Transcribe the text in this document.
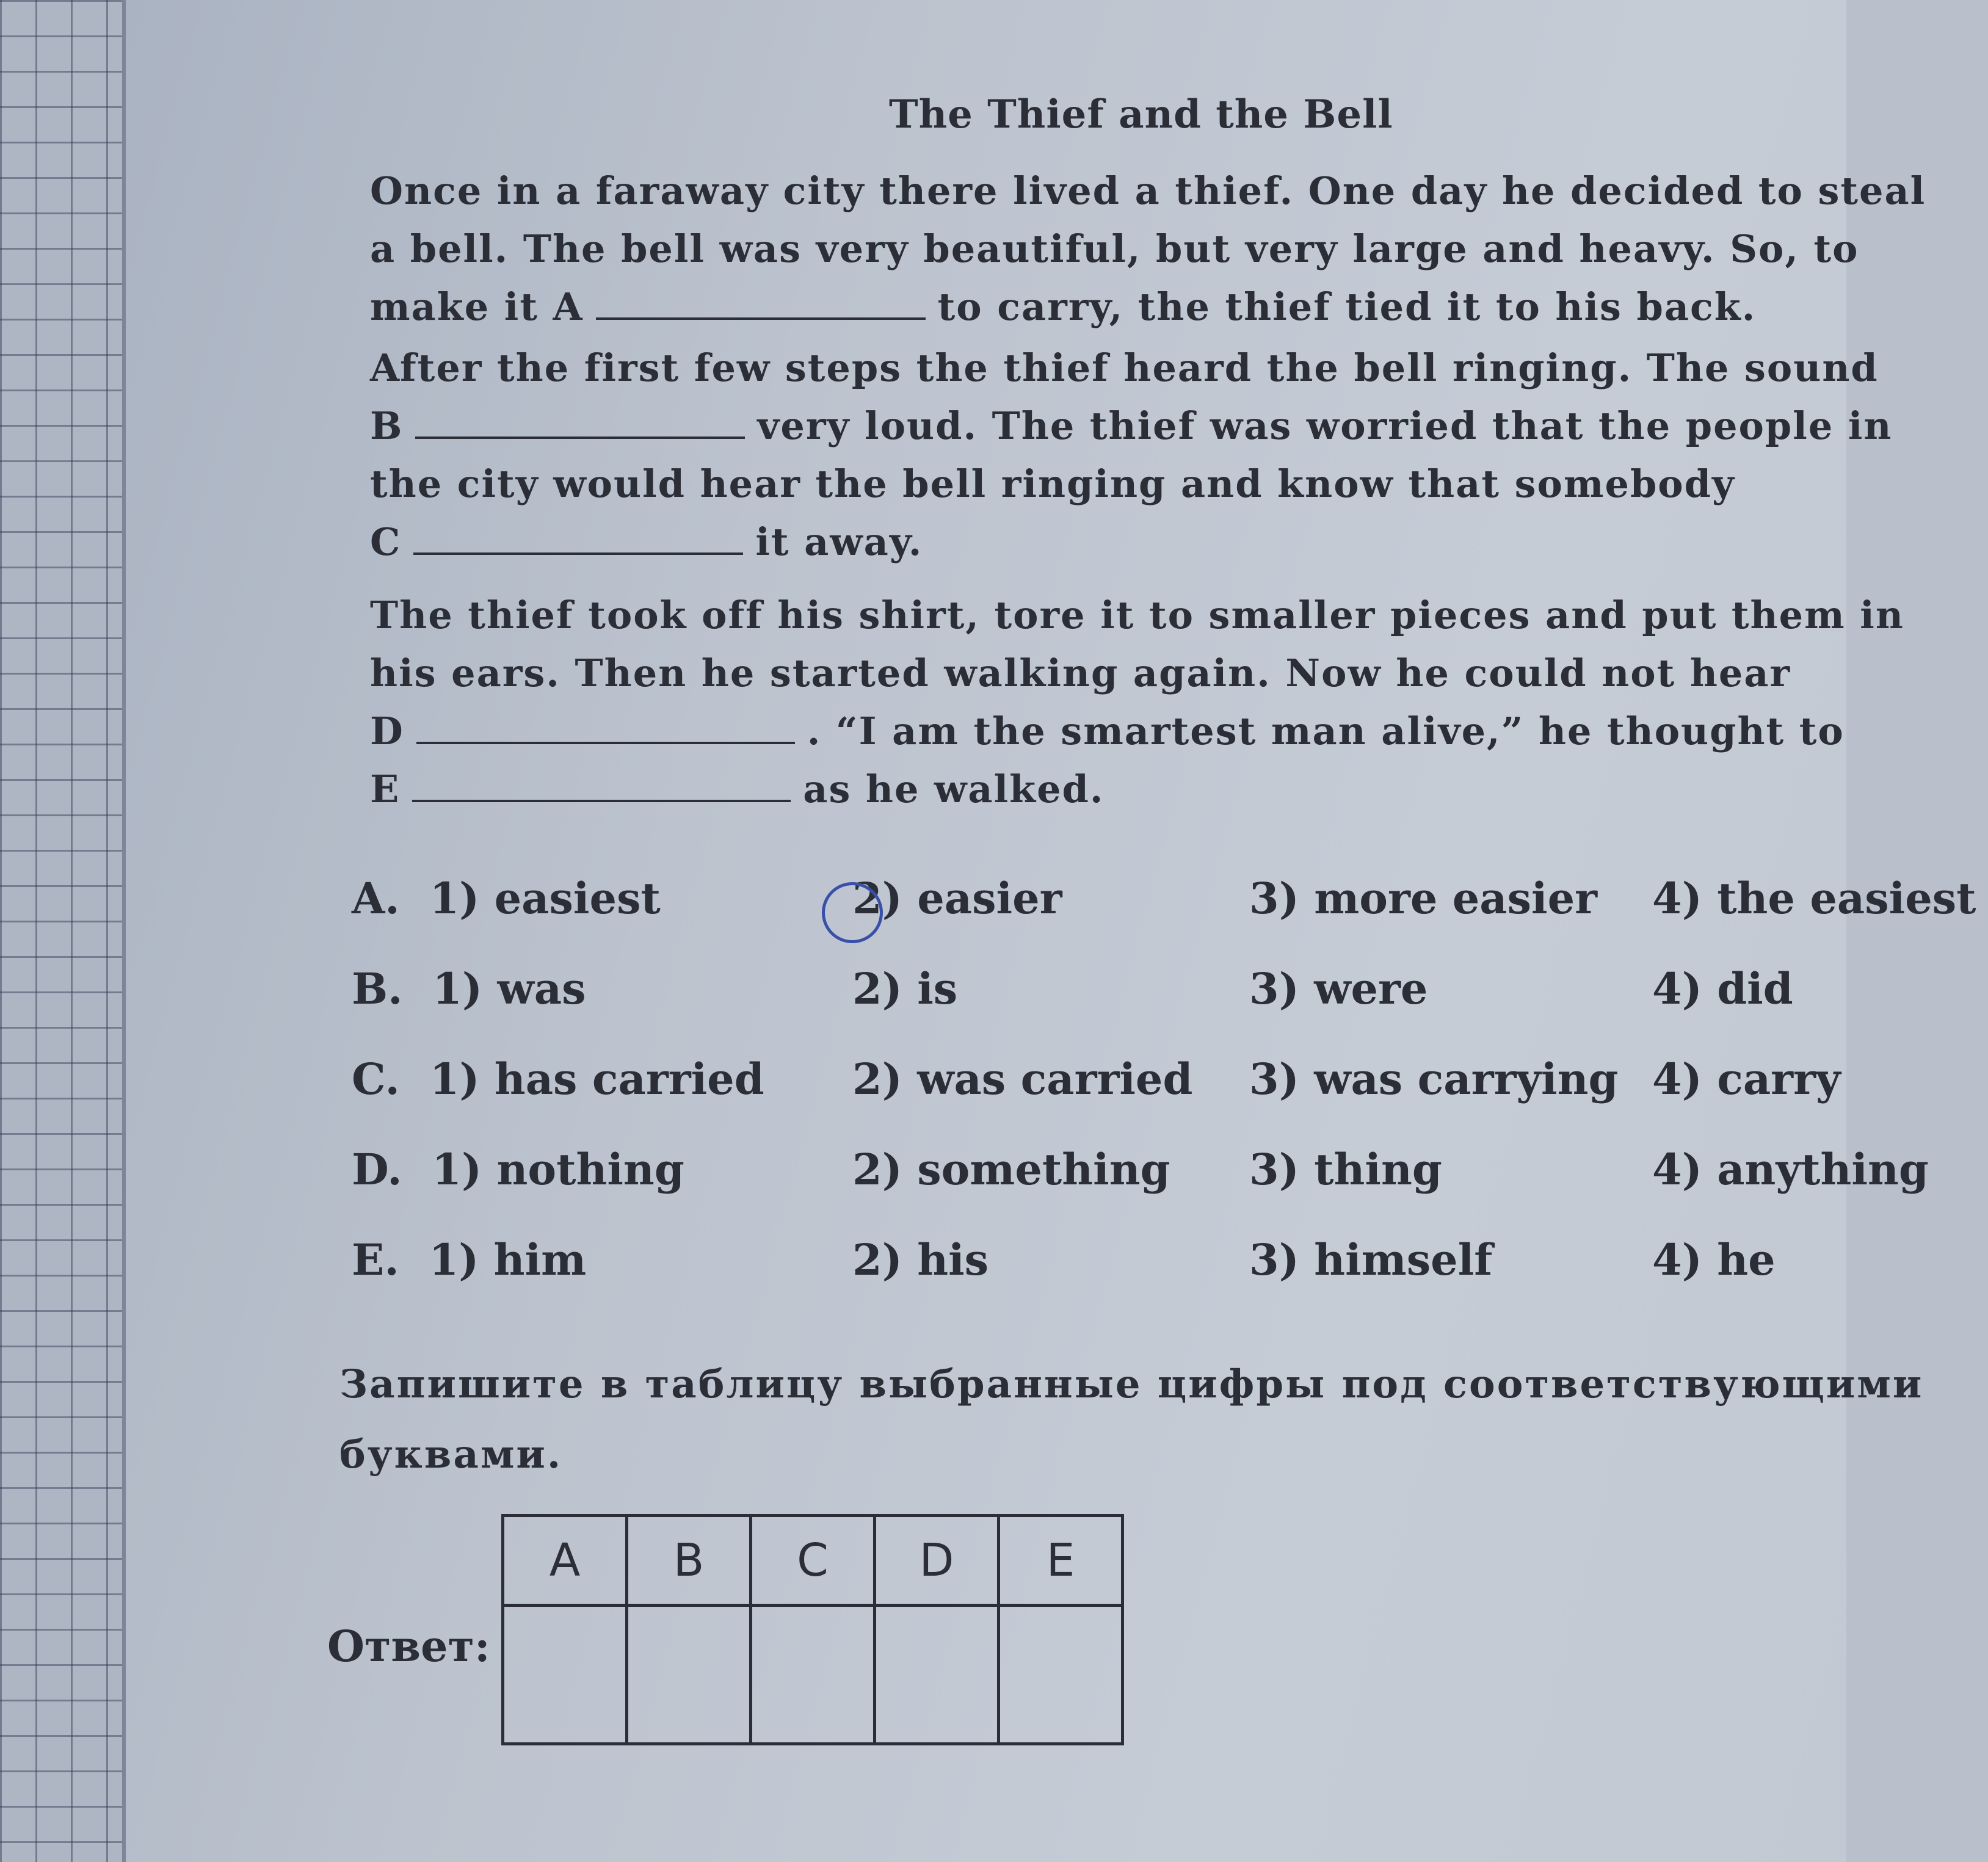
The Thief and the Bell
Once in a faraway city there lived a thief. One day he decided to steal
a bell. The bell was very beautiful, but very large and heavy. So, to
make it A	to carry, the thief tied it to his back.
After the first few steps the thief heard the bell ringing. The sound
B	very loud. The thief was worried that the people in
the city would hear the bell ringing and know that somebody
C	it away.
The thief took off his shirt, tore it to smaller pieces and put them in
his ears. Then he started walking again. Now he could not hear
D	. “I am the smartest man alive,” he thought to
E	as he walked.
A. 1) easiest	2) easier	3) more easier 4) the easiest
B. 1) was	2) is	3) were	4) did
C. 1) has carried 2) was carried 3) was carrying 4) carry
D. 1) nothing	2) something 3) thing	4) anything
E. 1) him	2) his	3) himself	4) he
Запишите в таблицу выбранные цифры под соответствующими буквами.
Ответ:
A	B	C	D	E
